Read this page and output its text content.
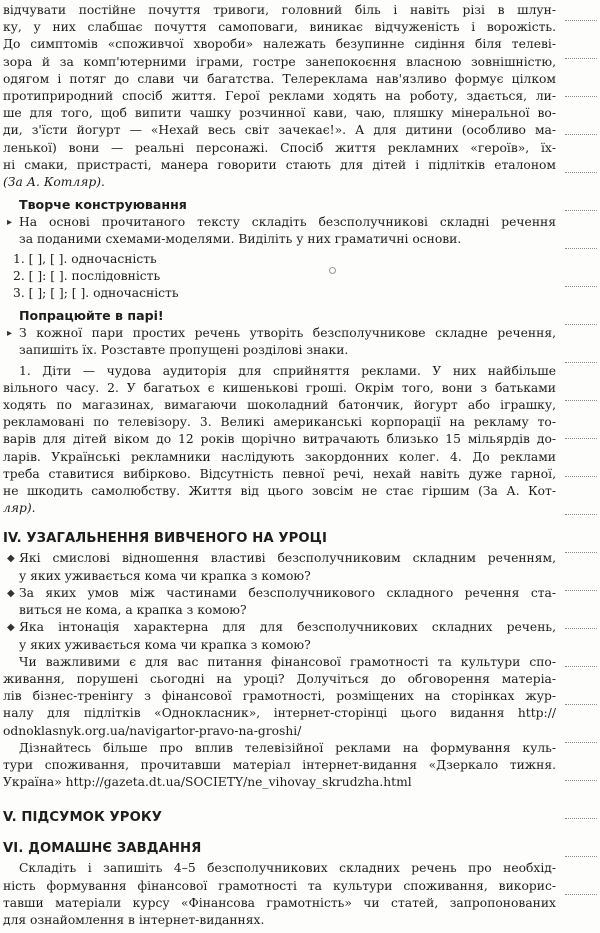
відчувати постійне почуття тривоги, головний біль і навіть різі в шлун-

ку, у них слабшає почуття самоповаги, виникає відчуженість і ворожість.

До симптомів «споживчої хвороби» належать безупинне сидіння біля телеві-

зора й за комп'ютерними іграми, гостре занепокоєння власною зовнішністю,

одягом і потяг до слави чи багатства. Телереклама нав'язливо формує цілком

протиприродний спосіб життя. Герої реклами ходять на роботу, здається, ли-

ше для того, щоб випити чашку розчинної кави, чаю, пляшку мінеральної во-

ди, з'їсти йогурт — «Нехай весь світ зачекає!». А для дитини (особливо ма-

ленької) вони — реальні персонажі. Спосіб життя рекламних «героїв», їх-

ні смаки, пристрасті, манера говорити стають для дітей і підлітків еталоном

(За А. Котляр).

Творче конструювання

▸ На основі прочитаного тексту складіть безсполучникові складні речення

за поданими схемами-моделями. Виділіть у них граматичні основи.

1. [ ], [ ]. одночасність

2. [ ]: [ ]. послідовність

3. [ ]; [ ]; [ ]. одночасність

Попрацюйте в парі!

▸ З кожної пари простих речень утворіть безсполучникове складне речення,

запишіть їх. Розставте пропущені розділові знаки.

1. Діти — чудова аудиторія для сприйняття реклами. У них найбільше

вільного часу. 2. У багатьох є кишенькові гроші. Окрім того, вони з батьками

ходять по магазинах, вимагаючи шоколадний батончик, йогурт або іграшку,

рекламовані по телевізору. 3. Великі американські корпорації на рекламу то-

варів для дітей віком до 12 років щорічно витрачають близько 15 мільярдів до-

ларів. Українські рекламники наслідують закордонних колег. 4. До реклами

треба ставитися вибірково. Відсутність певної речі, нехай навіть дуже гарної,

не шкодить самолюбству. Життя від цього зовсім не стає гіршим (За А. Кот-

ляр).

IV. УЗАГАЛЬНЕННЯ ВИВЧЕНОГО НА УРОЦІ

◆ Які смислові відношення властиві безсполучниковим складним реченням,

у яких уживається кома чи крапка з комою?

◆ За яких умов між частинами безсполучникового складного речення ста-

виться не кома, а крапка з комою?

◆ Яка інтонація характерна для для безсполучникових складних речень,

у яких уживається кома чи крапка з комою?

Чи важливими є для вас питання фінансової грамотності та культури спо-

живання, порушені сьогодні на уроці? Долучіться до обговорення матеріа-

лів бізнес-тренінгу з фінансової грамотності, розміщених на сторінках жур-

налу для підлітків «Однокласник», інтернет-сторінці цього видання http://

odnoklasnyk.org.ua/navigartor-pravo-na-groshi/

Дізнайтесь більше про вплив телевізійної реклами на формування куль-

тури споживання, прочитавши матеріал інтернет-видання «Дзеркало тижня.

Україна» http://gazeta.dt.ua/SOCIETY/ne_vihovay_skrudzha.html

V. ПІДСУМОК УРОКУ

VI. ДОМАШНЄ ЗАВДАННЯ

Складіть і запишіть 4–5 безсполучникових складних речень про необхід-

ність формування фінансової грамотності та культури споживання, викорис-

тавши матеріали курсу «Фінансова грамотність» чи статей, запропонованих

для ознайомлення в інтернет-виданнях.
